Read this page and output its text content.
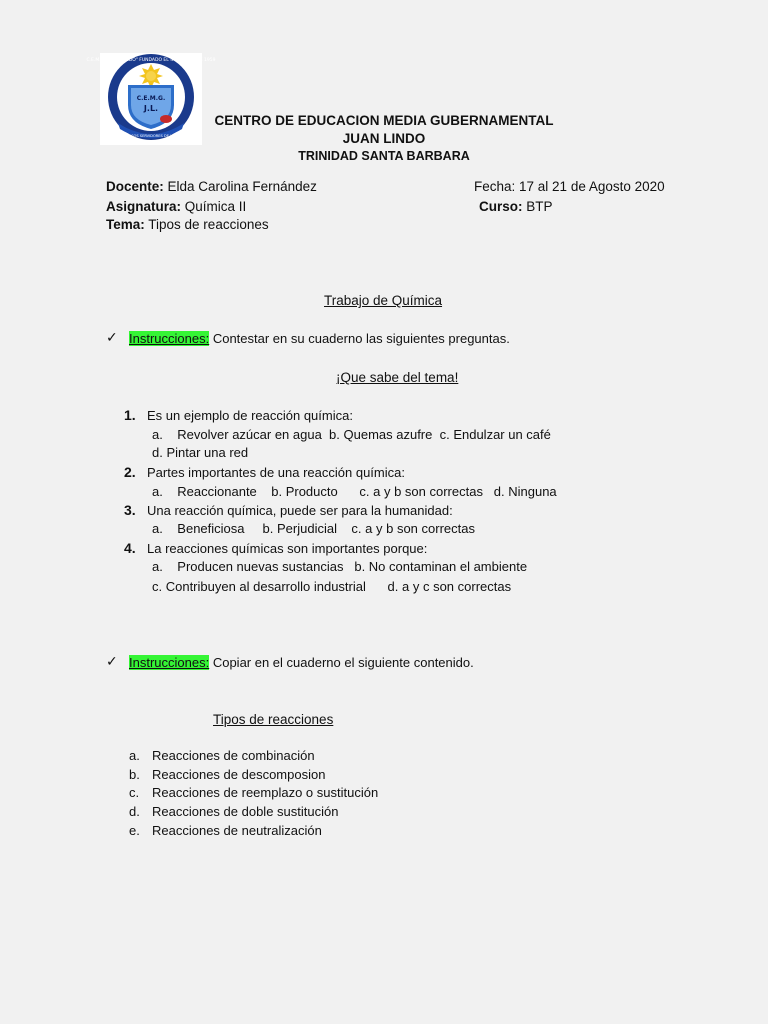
C.E.M.G. "JUAN LINDO" FUNDADO EL 4 DE MAYO DE 1959
C.E.M.G.
J.L.
ORGULLOSOS SERVIDORES DE LA PATRIA
CENTRO DE EDUCACION MEDIA GUBERNAMENTAL
JUAN LINDO
TRINIDAD SANTA BARBARA
Docente: Elda Carolina Fernández	Fecha: 17 al 21 de Agosto 2020
Asignatura: Química II	Curso: BTP
Tema: Tipos de reacciones
Trabajo de Química
✓ Instrucciones: Contestar en su cuaderno las siguientes preguntas.
¡Que sabe del tema!
1. Es un ejemplo de reacción química:
a.    Revolver azúcar en agua  b. Quemas azufre  c. Endulzar un café
d. Pintar una red
2. Partes importantes de una reacción química:
a.    Reaccionante    b. Producto      c. a y b son correctas   d. Ninguna
3. Una reacción química, puede ser para la humanidad:
a.    Beneficiosa     b. Perjudicial    c. a y b son correctas
4. La reacciones químicas son importantes porque:
a.    Producen nuevas sustancias   b. No contaminan el ambiente
c. Contribuyen al desarrollo industrial      d. a y c son correctas
✓ Instrucciones: Copiar en el cuaderno el siguiente contenido.
Tipos de reacciones
a. Reacciones de combinación
b. Reacciones de descomposion
c. Reacciones de reemplazo o sustitución
d. Reacciones de doble sustitución
e. Reacciones de neutralización
